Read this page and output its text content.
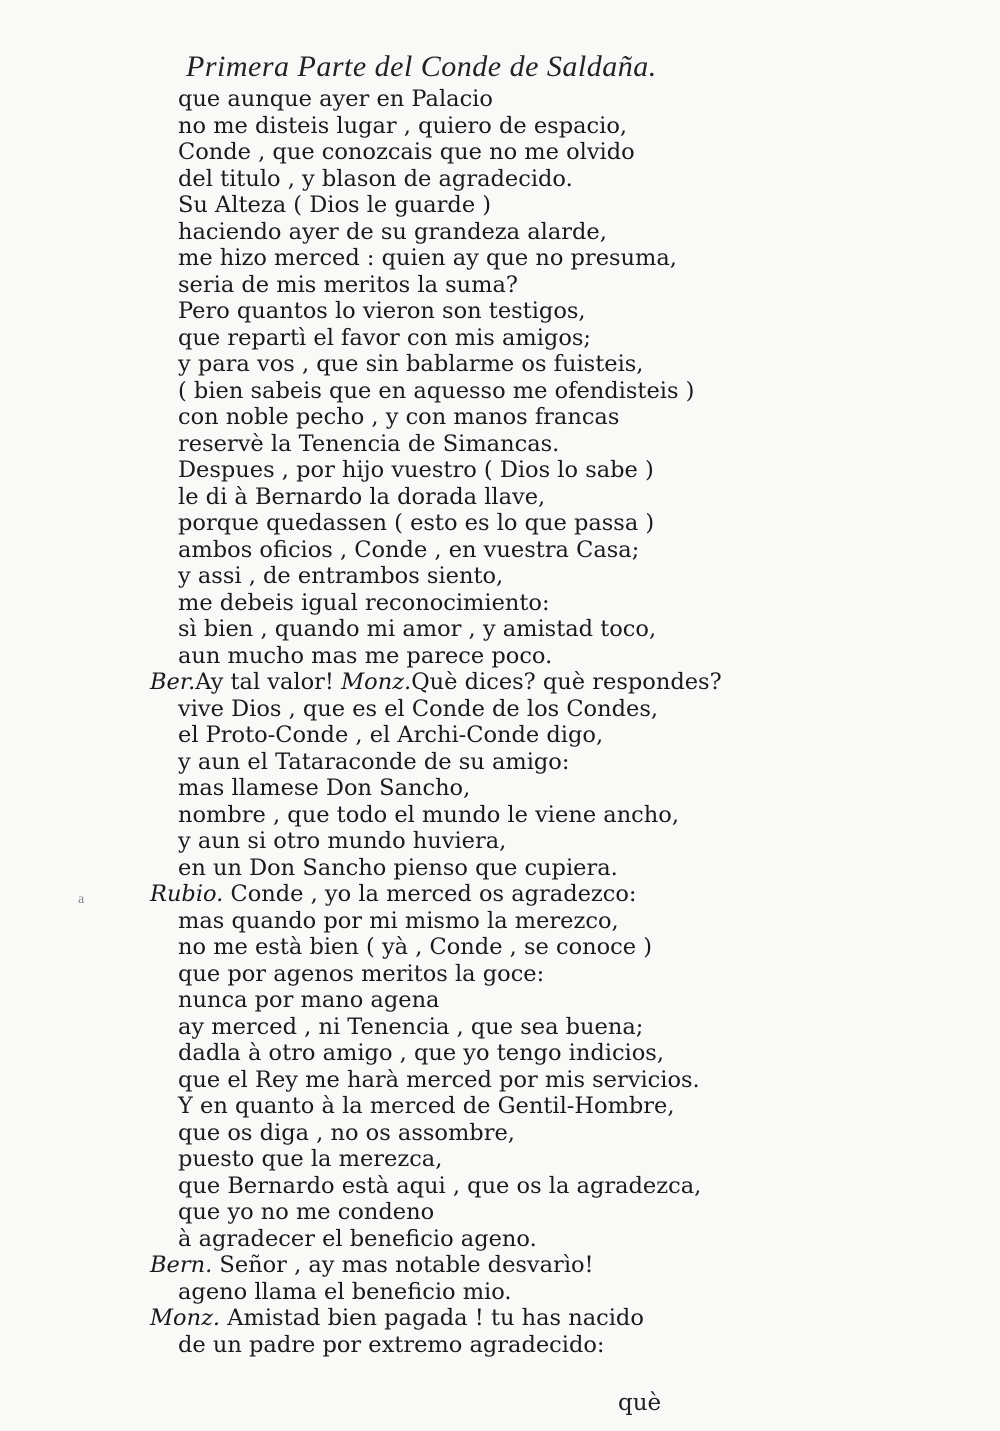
Primera Parte del Conde de Saldaña.
que aunque ayer en Palacio
no me disteis lugar , quiero de espacio,
Conde , que conozcais que no me olvido
del titulo , y blason de agradecido.
Su Alteza ( Dios le guarde )
haciendo ayer de su grandeza alarde,
me hizo merced : quien ay que no presuma,
seria de mis meritos la suma?
Pero quantos lo vieron son testigos,
que repartì el favor con mis amigos;
y para vos , que sin bablarme os fuisteis,
( bien sabeis que en aquesso me ofendisteis )
con noble pecho , y con manos francas
reservè la Tenencia de Simancas.
Despues , por hijo vuestro ( Dios lo sabe )
le di à Bernardo la dorada llave,
porque quedassen ( esto es lo que passa )
ambos oficios , Conde , en vuestra Casa;
y assi , de entrambos siento,
me debeis igual reconocimiento:
sì bien , quando mi amor , y amistad toco,
aun mucho mas me parece poco.
Ber.Ay tal valor! Monz.Què dices? què respondes?
vive Dios , que es el Conde de los Condes,
el Proto-Conde , el Archi-Conde digo,
y aun el Tataraconde de su amigo:
mas llamese Don Sancho,
nombre , que todo el mundo le viene ancho,
y aun si otro mundo huviera,
en un Don Sancho pienso que cupiera.
Rubio. Conde , yo la merced os agradezco:
mas quando por mi mismo la merezco,
no me està bien ( yà , Conde , se conoce )
que por agenos meritos la goce:
nunca por mano agena
ay merced , ni Tenencia , que sea buena;
dadla à otro amigo , que yo tengo indicios,
que el Rey me harà merced por mis servicios.
Y en quanto à la merced de Gentil-Hombre,
que os diga , no os assombre,
puesto que la merezca,
que Bernardo està aqui , que os la agradezca,
que yo no me condeno
à agradecer el beneficio ageno.
Bern. Señor , ay mas notable desvarìo!
ageno llama el beneficio mio.
Monz. Amistad bien pagada ! tu has nacido
de un padre por extremo agradecido:
a
què
